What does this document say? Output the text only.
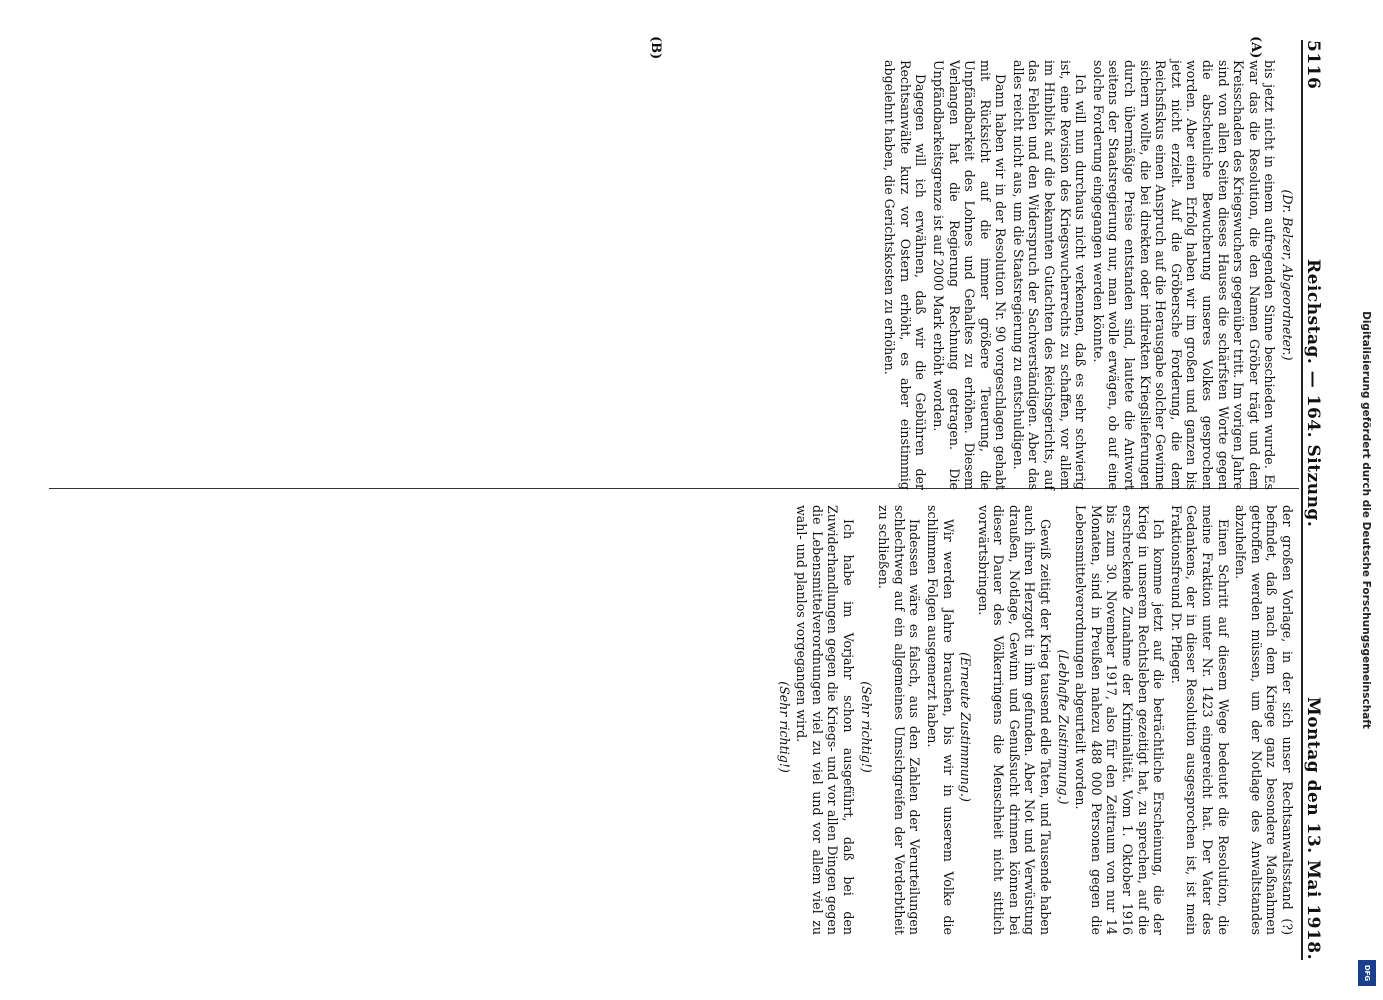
5116
Reichstag. — 164. Sitzung.
Montag den 13. Mai 1918.
(A)
(B)

(Dr. Belzer, Abgeordneter.)

bis jetzt nicht in einem aufregenden Sinne beschieden wurde. Es war das die Resolution, die den Namen Gröber trägt und dem Kreisschaden des Kriegswuchers gegenüber tritt. Im vorigen Jahre sind von allen Seiten dieses Hauses die schärfsten Worte gegen die abscheuliche Bewucherung unseres Volkes gesprochen worden. Aber einen Erfolg haben wir im großen und ganzen bis jetzt nicht erzielt. Auf die Gröbersche Forderung, die dem Reichsfiskus einen Anspruch auf die Herausgabe solcher Gewinne sichern wollte, die bei direkten oder indirekten Kriegslieferungen durch übermäßige Preise entstanden sind, lautete die Antwort seitens der Staatsregierung nur, man wolle erwägen, ob auf eine solche Forderung eingegangen werden könnte.

Ich will nun durchaus nicht verkennen, daß es sehr schwierig ist, eine Revision des Kriegswucherrechts zu schaffen, vor allem im Hinblick auf die bekannten Gutachten des Reichsgerichts, auf das Fehlen und den Widerspruch der Sachverständigen. Aber das alles reicht nicht aus, um die Staatsregierung zu entschuldigen.

Dann haben wir in der Resolution Nr. 90 vorgeschlagen gehabt mit Rücksicht auf die immer größere Teuerung, die Unpfändbarkeit des Lohnes und Gehaltes zu erhöhen. Diesem Verlangen hat die Regierung Rechnung getragen. Die Unpfändbarkeitsgrenze ist auf 2000 Mark erhöht worden.

Dagegen will ich erwähnen, daß wir die Gebühren der Rechtsanwälte kurz vor Ostern erhöht, es aber einstimmig abgelehnt haben, die Gerichtskosten zu erhöhen.

der großen Vorlage, in der sich unser Rechtsanwaltsstand (?) befindet, daß nach dem Kriege ganz besondere Maßnahmen getroffen werden müssen, um der Notlage des Anwaltstandes abzuhelfen.

Einen Schritt auf diesem Wege bedeutet die Resolution, die meine Fraktion unter Nr. 1423 eingereicht hat. Der Vater des Gedankens, der in dieser Resolution ausgesprochen ist, ist mein Fraktionsfreund Dr. Pfleger.

Ich komme jetzt auf die beträchtliche Erscheinung, die der Krieg in unserem Rechtsleben gezeitigt hat, zu sprechen, auf die erschreckende Zunahme der Kriminalität. Vom 1. Oktober 1916 bis zum 30. November 1917, also für den Zeitraum von nur 14 Monaten, sind in Preußen nahezu 488 000 Personen gegen die Lebensmittelverordnungen abgeurteilt worden.

(Lebhafte Zustimmung.)

Gewiß zeitigt der Krieg tausend edle Taten, und Tausende haben auch ihren Herzgott in ihm gefunden. Aber Not und Verwüstung draußen, Notlage, Gewinn und Genußsucht drinnen können bei dieser Dauer des Völkerringens die Menschheit nicht sittlich vorwärtsbringen.

(Erneute Zustimmung.)

Wir werden Jahre brauchen, bis wir in unserem Volke die schlimmen Folgen ausgemerzt haben.

Indessen wäre es falsch, aus den Zahlen der Verurteilungen schlechtweg auf ein allgemeines Umsichgreifen der Verderbtheit zu schließen.

(Sehr richtig!)

Ich habe im Vorjahr schon ausgeführt, daß bei den Zuwiderhandlungen gegen die Kriegs- und vor allen Dingen gegen die Lebensmittelverordnungen viel zu viel und vor allem viel zu wahl- und planlos vorgegangen wird.

(Sehr richtig!)	Digitalisierung gefördert durch die Deutsche Forschungsgemeinschaft
DFG
